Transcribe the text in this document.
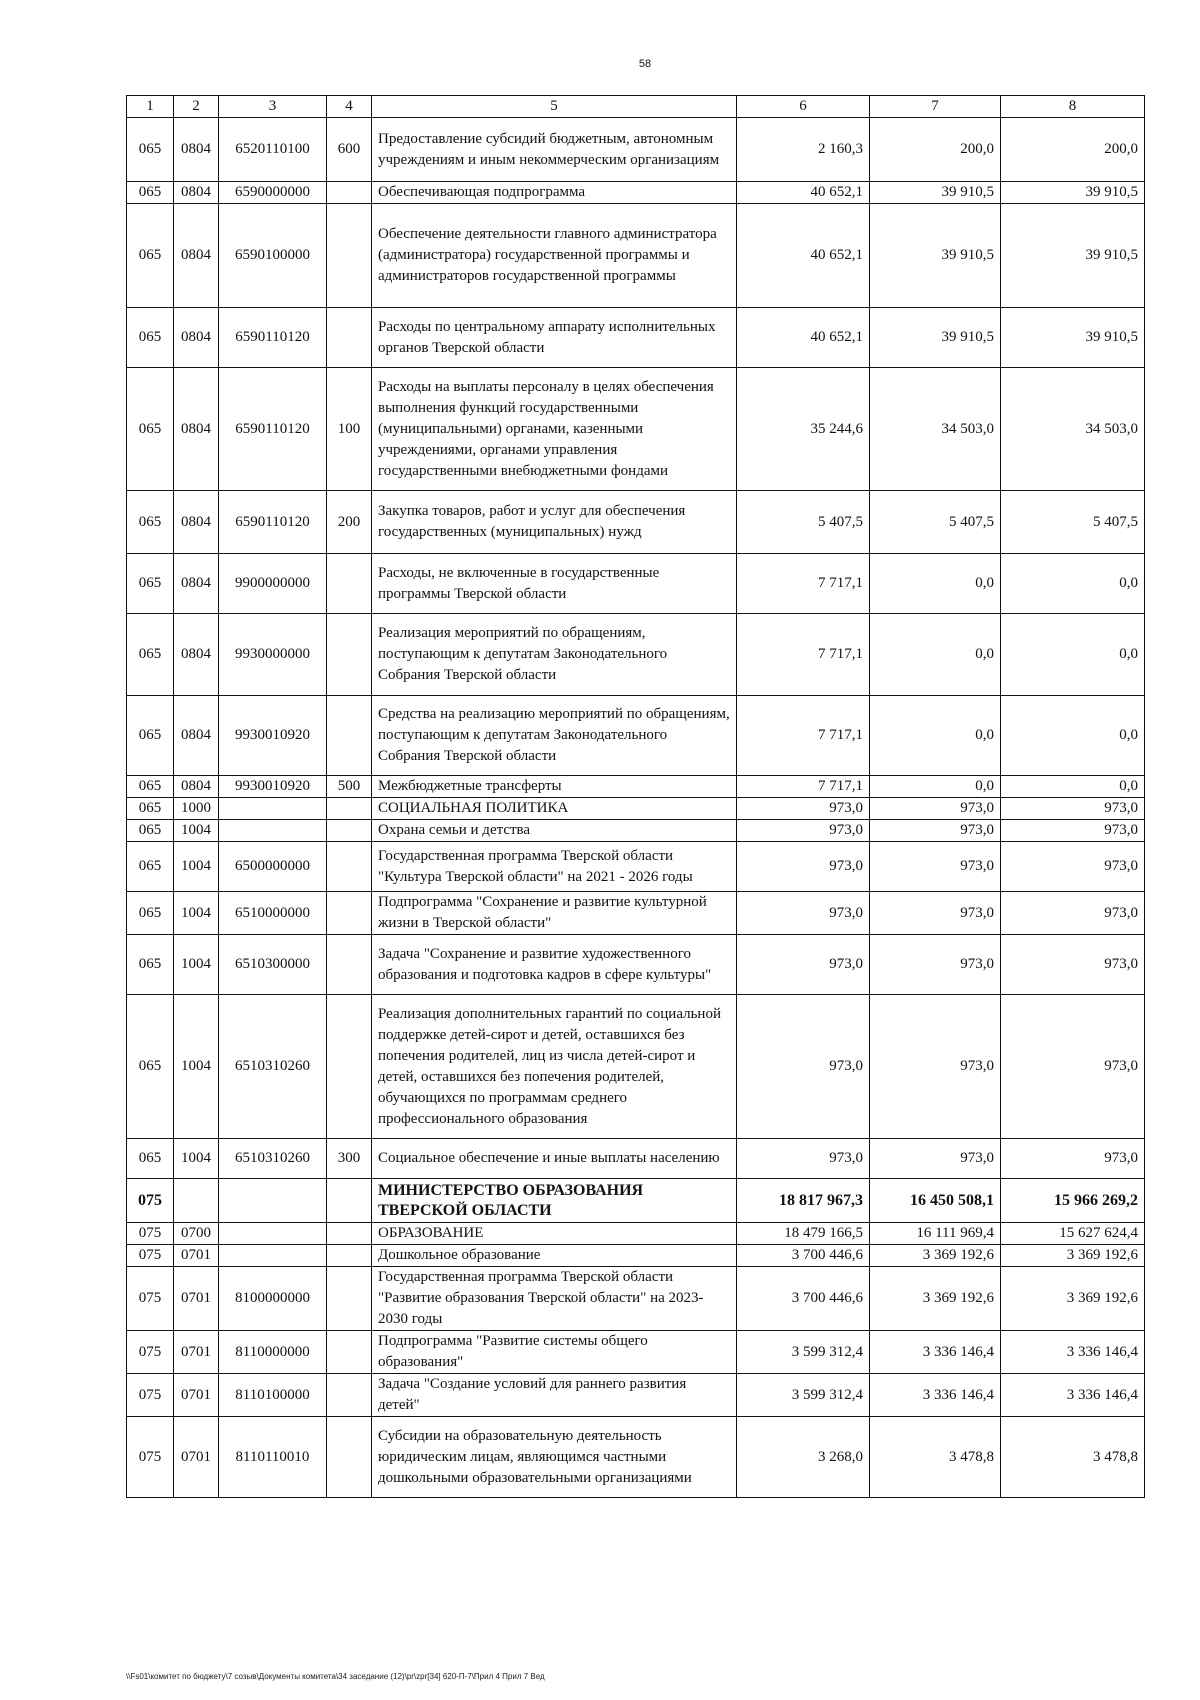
58
1	2	3	4	5	6	7	8
065	0804	6520110100	600	Предоставление субсидий бюджетным, автономным учреждениям и иным некоммерческим организациям	2 160,3	200,0	200,0
065	0804	6590000000		Обеспечивающая подпрограмма	40 652,1	39 910,5	39 910,5
065	0804	6590100000		Обеспечение деятельности главного администратора (администратора) государственной программы и администраторов государственной программы	40 652,1	39 910,5	39 910,5
065	0804	6590110120		Расходы по центральному аппарату исполнительных органов Тверской области	40 652,1	39 910,5	39 910,5
065	0804	6590110120	100	Расходы на выплаты персоналу в целях обеспечения выполнения функций государственными (муниципальными) органами, казенными учреждениями, органами управления государственными внебюджетными фондами	35 244,6	34 503,0	34 503,0
065	0804	6590110120	200	Закупка товаров, работ и услуг для обеспечения государственных (муниципальных) нужд	5 407,5	5 407,5	5 407,5
065	0804	9900000000		Расходы, не включенные в государственные программы Тверской области	7 717,1	0,0	0,0
065	0804	9930000000		Реализация мероприятий по обращениям, поступающим к депутатам Законодательного Собрания Тверской области	7 717,1	0,0	0,0
065	0804	9930010920		Средства на реализацию мероприятий по обращениям, поступающим к депутатам Законодательного Собрания Тверской области	7 717,1	0,0	0,0
065	0804	9930010920	500	Межбюджетные трансферты	7 717,1	0,0	0,0
065	1000			СОЦИАЛЬНАЯ ПОЛИТИКА	973,0	973,0	973,0
065	1004			Охрана семьи и детства	973,0	973,0	973,0
065	1004	6500000000		Государственная программа Тверской области "Культура Тверской области" на 2021 - 2026 годы	973,0	973,0	973,0
065	1004	6510000000		Подпрограмма "Сохранение и развитие культурной жизни в Тверской области"	973,0	973,0	973,0
065	1004	6510300000		Задача "Сохранение и развитие художественного образования и подготовка кадров в сфере культуры"	973,0	973,0	973,0
065	1004	6510310260		Реализация дополнительных гарантий по социальной поддержке детей-сирот и детей, оставшихся без попечения родителей, лиц из числа детей-сирот и детей, оставшихся без попечения родителей, обучающихся по программам среднего профессионального образования	973,0	973,0	973,0
065	1004	6510310260	300	Социальное обеспечение и иные выплаты населению	973,0	973,0	973,0
075				МИНИСТЕРСТВО ОБРАЗОВАНИЯ ТВЕРСКОЙ ОБЛАСТИ	18 817 967,3	16 450 508,1	15 966 269,2
075	0700			ОБРАЗОВАНИЕ	18 479 166,5	16 111 969,4	15 627 624,4
075	0701			Дошкольное образование	3 700 446,6	3 369 192,6	3 369 192,6
075	0701	8100000000		Государственная программа Тверской области "Развитие образования Тверской области" на 2023-2030 годы	3 700 446,6	3 369 192,6	3 369 192,6
075	0701	8110000000		Подпрограмма "Развитие системы общего образования"	3 599 312,4	3 336 146,4	3 336 146,4
075	0701	8110100000		Задача "Создание условий для раннего развития детей"	3 599 312,4	3 336 146,4	3 336 146,4
075	0701	8110110010		Субсидии на образовательную деятельность юридическим лицам, являющимся частными дошкольными образовательными организациями	3 268,0	3 478,8	3 478,8
\\Fs01\комитет по бюджету\7 созыв\Документы комитета\34 заседание (12)\pr\zpr[34] 620-П-7\Прил 4 Прил 7 Вед
